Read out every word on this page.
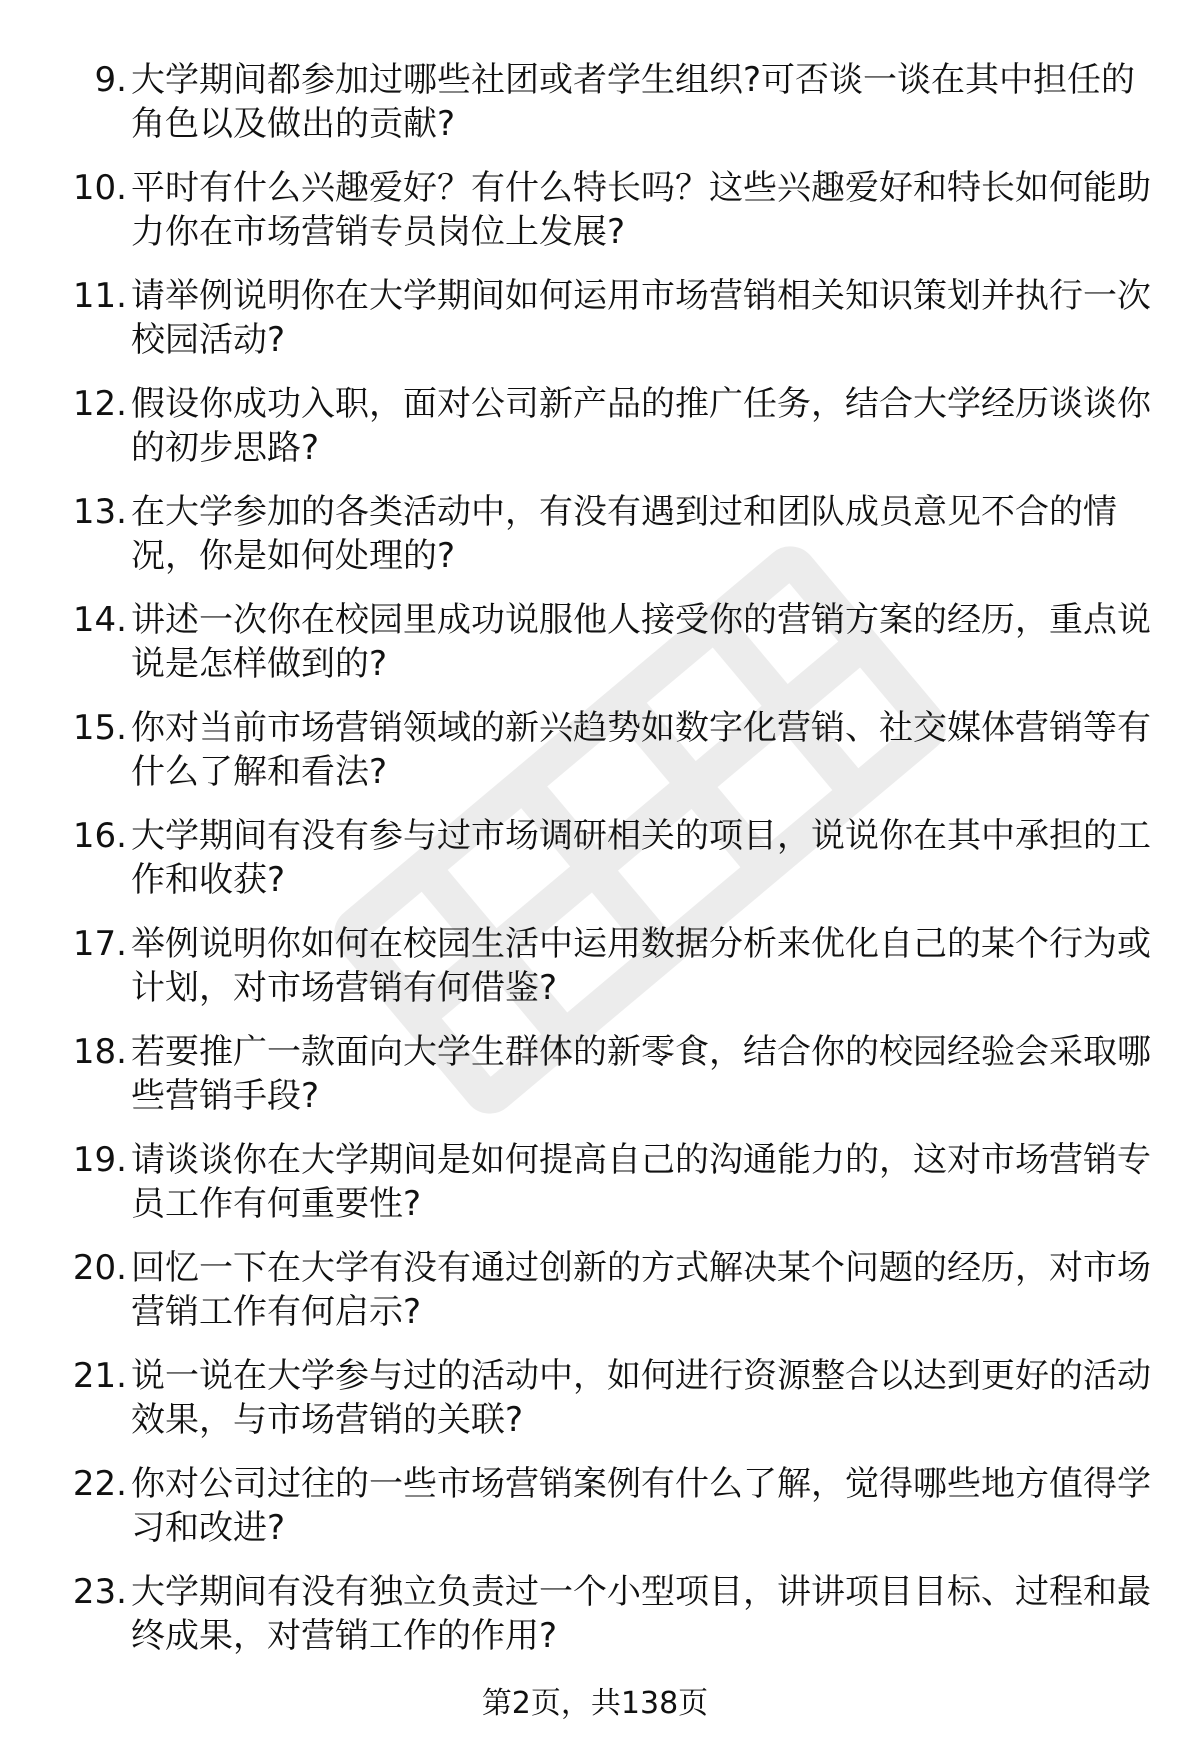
9. 大学期间都参加过哪些社团或者学生组织?可否谈一谈在其中担任的角色以及做出的贡献?
10. 平时有什么兴趣爱好？有什么特长吗？这些兴趣爱好和特长如何能助力你在市场营销专员岗位上发展?
11. 请举例说明你在大学期间如何运用市场营销相关知识策划并执行一次校园活动?
12. 假设你成功入职，面对公司新产品的推广任务，结合大学经历谈谈你的初步思路?
13. 在大学参加的各类活动中，有没有遇到过和团队成员意见不合的情况，你是如何处理的?
14. 讲述一次你在校园里成功说服他人接受你的营销方案的经历，重点说说是怎样做到的?
15. 你对当前市场营销领域的新兴趋势如数字化营销、社交媒体营销等有什么了解和看法?
16. 大学期间有没有参与过市场调研相关的项目，说说你在其中承担的工作和收获?
17. 举例说明你如何在校园生活中运用数据分析来优化自己的某个行为或计划，对市场营销有何借鉴?
18. 若要推广一款面向大学生群体的新零食，结合你的校园经验会采取哪些营销手段?
19. 请谈谈你在大学期间是如何提高自己的沟通能力的，这对市场营销专员工作有何重要性?
20. 回忆一下在大学有没有通过创新的方式解决某个问题的经历，对市场营销工作有何启示?
21. 说一说在大学参与过的活动中，如何进行资源整合以达到更好的活动效果，与市场营销的关联?
22. 你对公司过往的一些市场营销案例有什么了解，觉得哪些地方值得学习和改进?
23. 大学期间有没有独立负责过一个小型项目，讲讲项目目标、过程和最终成果，对营销工作的作用?
第2页，共138页
